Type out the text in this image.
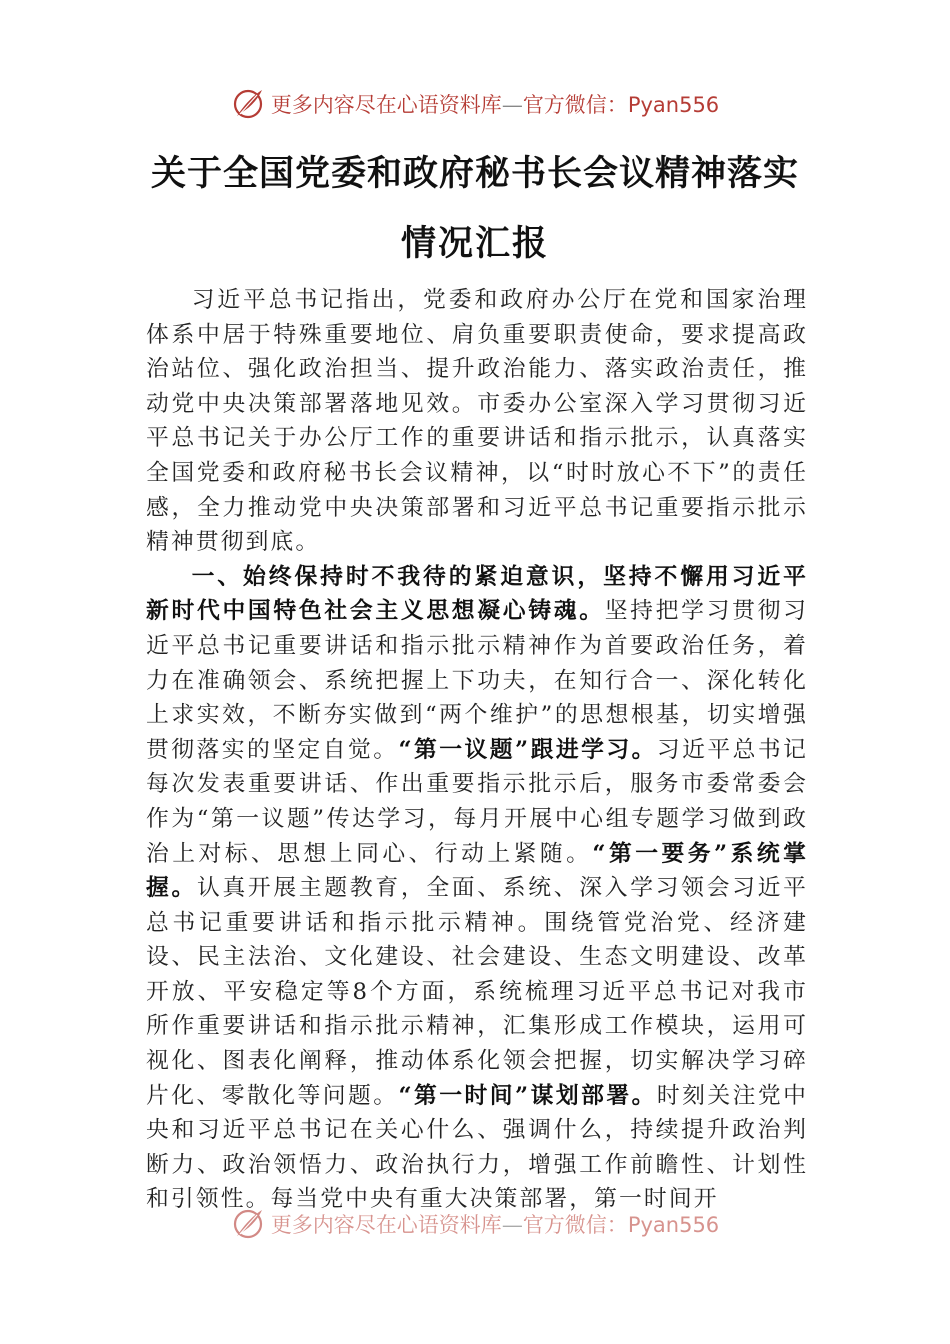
更多内容尽在心语资料库—官方微信：Pyan556
关于全国党委和政府秘书长会议精神落实
情况汇报

习近平总书记指出，党委和政府办公厅在党和国家治理体系中居于特殊重要地位、肩负重要职责使命，要求提高政治站位、强化政治担当、提升政治能力、落实政治责任，推动党中央决策部署落地见效。市委办公室深入学习贯彻习近平总书记关于办公厅工作的重要讲话和指示批示，认真落实全国党委和政府秘书长会议精神，以“时时放心不下”的责任感，全力推动党中央决策部署和习近平总书记重要指示批示精神贯彻到底。

一、始终保持时不我待的紧迫意识，坚持不懈用习近平新时代中国特色社会主义思想凝心铸魂。坚持把学习贯彻习近平总书记重要讲话和指示批示精神作为首要政治任务，着力在准确领会、系统把握上下功夫，在知行合一、深化转化上求实效，不断夯实做到“两个维护”的思想根基，切实增强贯彻落实的坚定自觉。“第一议题”跟进学习。习近平总书记每次发表重要讲话、作出重要指示批示后，服务市委常委会作为“第一议题”传达学习，每月开展中心组专题学习做到政治上对标、思想上同心、行动上紧随。“第一要务”系统掌握。认真开展主题教育，全面、系统、深入学习领会习近平总书记重要讲话和指示批示精神。围绕管党治党、经济建设、民主法治、文化建设、社会建设、生态文明建设、改革开放、平安稳定等8个方面，系统梳理习近平总书记对我市所作重要讲话和指示批示精神，汇集形成工作模块，运用可视化、图表化阐释，推动体系化领会把握，切实解决学习碎片化、零散化等问题。“第一时间”谋划部署。时刻关注党中央和习近平总书记在关心什么、强调什么，持续提升政治判断力、政治领悟力、政治执行力，增强工作前瞻性、计划性和引领性。每当党中央有重大决策部署，第一时间开

更多内容尽在心语资料库—官方微信：Pyan556
